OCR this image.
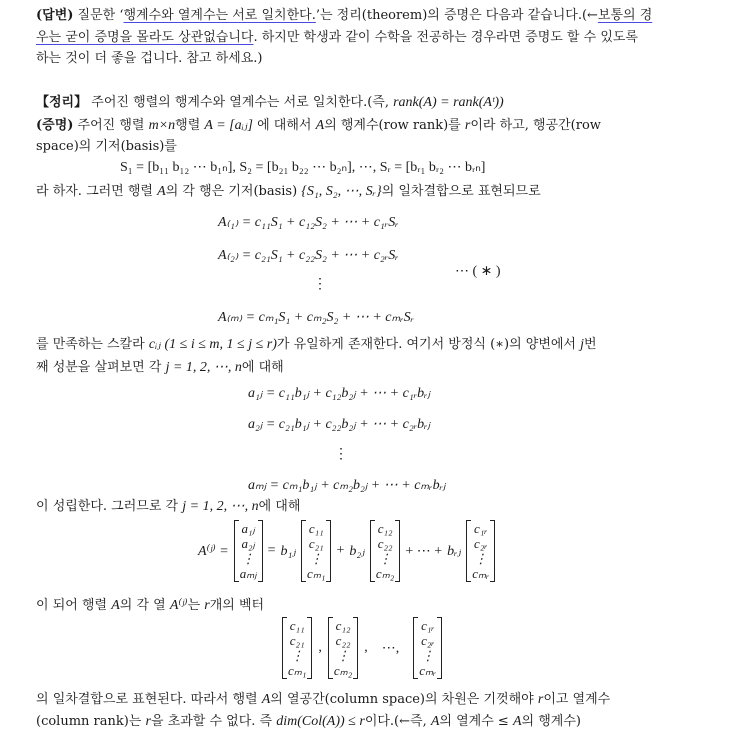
(답변) 질문한 ‘행계수와 열계수는 서로 일치한다.’는 정리(theorem)의 증명은 다음과 같습니다.(←보통의 경
우는 굳이 증명을 몰라도 상관없습니다. 하지만 학생과 같이 수학을 전공하는 경우라면 증명도 할 수 있도록
하는 것이 더 좋을 겁니다. 참고 하세요.)
【정리】 주어진 행렬의 행계수와 열계수는 서로 일치한다.(즉, rank(A) = rank(Aᵗ))
(증명) 주어진 행렬 m×n행렬 A = [aᵢⱼ] 에 대해서 A의 행계수(row rank)를 r이라 하고, 행공간(row
space)의 기저(basis)를
S₁ = [b₁₁ b₁₂ ⋯ b₁ₙ], S₂ = [b₂₁ b₂₂ ⋯ b₂ₙ], ⋯, Sᵣ = [bᵣ₁ bᵣ₂ ⋯ bᵣₙ]
라 하자. 그러면 행렬 A의 각 행은 기저(basis) {S₁, S₂, ⋯, Sᵣ}의 일차결합으로 표현되므로
A₍₁₎ = c₁₁S₁ + c₁₂S₂ + ⋯ + c₁ᵣSᵣ
A₍₂₎ = c₂₁S₁ + c₂₂S₂ + ⋯ + c₂ᵣSᵣ
⋮
A₍ₘ₎ = cₘ₁S₁ + cₘ₂S₂ + ⋯ + cₘᵣSᵣ
⋯ ( ∗ )
를 만족하는 스칼라 cᵢⱼ (1 ≤ i ≤ m, 1 ≤ j ≤ r)가 유일하게 존재한다. 여기서 방정식 (∗)의 양변에서 j번
째 성분을 살펴보면 각 j = 1, 2, ⋯, n에 대해
a₁ⱼ = c₁₁b₁ⱼ + c₁₂b₂ⱼ + ⋯ + c₁ᵣbᵣⱼ
a₂ⱼ = c₂₁b₁ⱼ + c₂₂b₂ⱼ + ⋯ + c₂ᵣbᵣⱼ
⋮
aₘⱼ = cₘ₁b₁ⱼ + cₘ₂b₂ⱼ + ⋯ + cₘᵣbᵣⱼ
이 성립한다. 그러므로 각 j = 1, 2, ⋯, n에 대해
A⁽ʲ⁾ =
a₁ⱼ
a₂ⱼ
⋮
aₘⱼ
= b₁ⱼ
c₁₁
c₂₁
⋮
cₘ₁
+ b₂ⱼ
c₁₂
c₂₂
⋮
cₘ₂
+ ⋯ + bᵣⱼ
c₁ᵣ
c₂ᵣ
⋮
cₘᵣ
이 되어 행렬 A의 각 열 A⁽ʲ⁾는 r개의 벡터
c₁₁
c₂₁
⋮
cₘ₁
,
c₁₂
c₂₂
⋮
cₘ₂
, ⋯,
c₁ᵣ
c₂ᵣ
⋮
cₘᵣ
의 일차결합으로 표현된다. 따라서 행렬 A의 열공간(column space)의 차원은 기껏해야 r이고 열계수
(column rank)는 r을 초과할 수 없다. 즉 dim(Col(A)) ≤ r이다.(←즉, A의 열계수 ≤ A의 행계수)
